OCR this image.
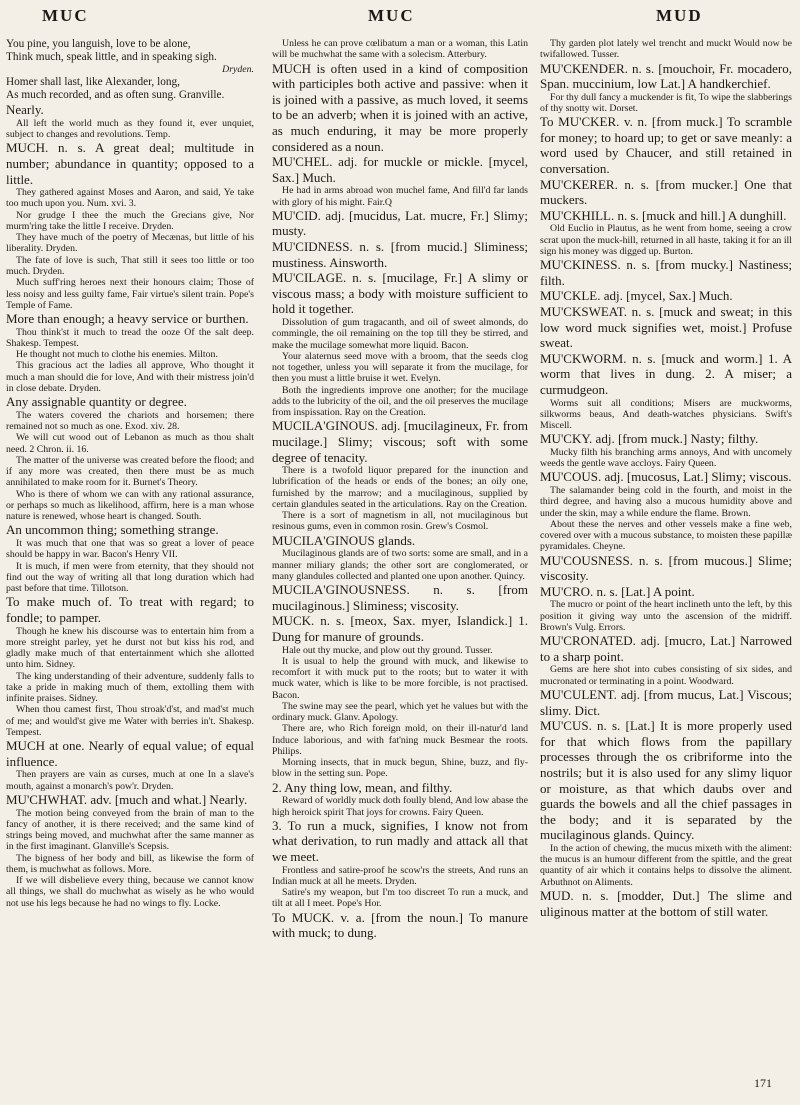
MUC	MUC	MUD

You pine, you languish, love to be alone,

Think much, speak little, and in speaking sigh.

Dryden.

Homer shall last, like Alexander, long,

As much recorded, and as often sung. Granville.

Nearly.

All left the world much as they found it, ever unquiet, subject to changes and revolutions. Temp.

MUCH. n. s. A great deal; multitude in number; abundance in quantity; opposed to a little.

They gathered against Moses and Aaron, and said, Ye take too much upon you. Num. xvi. 3.

Nor grudge I thee the much the Grecians give, Nor murm'ring take the little I receive. Dryden.

They have much of the poetry of Mecænas, but little of his liberality. Dryden.

The fate of love is such, That still it sees too little or too much. Dryden.

Much suff'ring heroes next their honours claim; Those of less noisy and less guilty fame, Fair virtue's silent train. Pope's Temple of Fame.

More than enough; a heavy service or burthen.

Thou think'st it much to tread the ooze Of the salt deep. Shakesp. Tempest.

He thought not much to clothe his enemies. Milton.

This gracious act the ladies all approve, Who thought it much a man should die for love, And with their mistress join'd in close debate. Dryden.

Any assignable quantity or degree.

The waters covered the chariots and horsemen; there remained not so much as one. Exod. xiv. 28.

We will cut wood out of Lebanon as much as thou shalt need. 2 Chron. ii. 16.

The matter of the universe was created before the flood; and if any more was created, then there must be as much annihilated to make room for it. Burnet's Theory.

Who is there of whom we can with any rational assurance, or perhaps so much as likelihood, affirm, here is a man whose nature is renewed, whose heart is changed. South.

An uncommon thing; something strange.

It was much that one that was so great a lover of peace should be happy in war. Bacon's Henry VII.

It is much, if men were from eternity, that they should not find out the way of writing all that long duration which had past before that time. Tillotson.

To make much of. To treat with regard; to fondle; to pamper.

Though he knew his discourse was to entertain him from a more streight parley, yet he durst not but kiss his rod, and gladly make much of that entertainment which she allotted unto him. Sidney.

The king understanding of their adventure, suddenly falls to take a pride in making much of them, extolling them with infinite praises. Sidney.

When thou camest first, Thou stroak'd'st, and mad'st much of me; and would'st give me Water with berries in't. Shakesp. Tempest.

MUCH at one. Nearly of equal value; of equal influence.

Then prayers are vain as curses, much at one In a slave's mouth, against a monarch's pow'r. Dryden.

MU'CHWHAT. adv. [much and what.] Nearly.

The motion being conveyed from the brain of man to the fancy of another, it is there received; and the same kind of strings being moved, and muchwhat after the same manner as in the first imaginant. Glanville's Scepsis.

The bigness of her body and bill, as likewise the form of them, is muchwhat as follows. More.

If we will disbelieve every thing, because we cannot know all things, we shall do muchwhat as wisely as he who would not use his legs because he had no wings to fly. Locke.

Unless he can prove cœlibatum a man or a woman, this Latin will be muchwhat the same with a solecism. Atterbury.

MUCH is often used in a kind of composition with participles both active and passive: when it is joined with a passive, as much loved, it seems to be an adverb; when it is joined with an active, as much enduring, it may be more properly considered as a noun.

MU'CHEL. adj. for muckle or mickle. [mycel, Sax.] Much.

He had in arms abroad won muchel fame, And fill'd far lands with glory of his might. Fair.Q

MU'CID. adj. [mucidus, Lat. mucre, Fr.] Slimy; musty.

MU'CIDNESS. n. s. [from mucid.] Sliminess; mustiness. Ainsworth.

MU'CILAGE. n. s. [mucilage, Fr.] A slimy or viscous mass; a body with moisture sufficient to hold it together.

Dissolution of gum tragacanth, and oil of sweet almonds, do commingle, the oil remaining on the top till they be stirred, and make the mucilage somewhat more liquid. Bacon.

Your alaternus seed move with a broom, that the seeds clog not together, unless you will separate it from the mucilage, for then you must a little bruise it wet. Evelyn.

Both the ingredients improve one another; for the mucilage adds to the lubricity of the oil, and the oil preserves the mucilage from inspissation. Ray on the Creation.

MUCILA'GINOUS. adj. [mucilagineux, Fr. from mucilage.] Slimy; viscous; soft with some degree of tenacity.

There is a twofold liquor prepared for the inunction and lubrification of the heads or ends of the bones; an oily one, furnished by the marrow; and a mucilaginous, supplied by certain glandules seated in the articulations. Ray on the Creation.

There is a sort of magnetism in all, not mucilaginous but resinous gums, even in common rosin. Grew's Cosmol.

MUCILA'GINOUS glands.

Mucilaginous glands are of two sorts: some are small, and in a manner miliary glands; the other sort are conglomerated, or many glandules collected and planted one upon another. Quincy.

MUCILA'GINOUSNESS. n. s. [from mucilaginous.] Sliminess; viscosity.

MUCK. n. s. [meox, Sax. myer, Islandick.] 1. Dung for manure of grounds.

Hale out thy mucke, and plow out thy ground. Tusser.

It is usual to help the ground with muck, and likewise to recomfort it with muck put to the roots; but to water it with muck water, which is like to be more forcible, is not practised. Bacon.

The swine may see the pearl, which yet he values but with the ordinary muck. Glanv. Apology.

There are, who Rich foreign mold, on their ill-natur'd land Induce laborious, and with fat'ning muck Besmear the roots. Philips.

Morning insects, that in muck begun, Shine, buzz, and fly-blow in the setting sun. Pope.

2. Any thing low, mean, and filthy.

Reward of worldly muck doth foully blend, And low abase the high heroick spirit That joys for crowns. Fairy Queen.

3. To run a muck, signifies, I know not from what derivation, to run madly and attack all that we meet.

Frontless and satire-proof he scow'rs the streets, And runs an Indian muck at all he meets. Dryden.

Satire's my weapon, but I'm too discreet To run a muck, and tilt at all I meet. Pope's Hor.

To MUCK. v. a. [from the noun.] To manure with muck; to dung.

Thy garden plot lately wel trencht and muckt Would now be twifallowed. Tusser.

MU'CKENDER. n. s. [mouchoir, Fr. mocadero, Span. muccinium, low Lat.] A handkerchief.

For thy dull fancy a muckender is fit, To wipe the slabberings of thy snotty wit. Dorset.

To MU'CKER. v. n. [from muck.] To scramble for money; to hoard up; to get or save meanly: a word used by Chaucer, and still retained in conversation.

MU'CKERER. n. s. [from mucker.] One that muckers.

MU'CKHILL. n. s. [muck and hill.] A dunghill.

Old Euclio in Plautus, as he went from home, seeing a crow scrat upon the muck-hill, returned in all haste, taking it for an ill sign his money was digged up. Burton.

MU'CKINESS. n. s. [from mucky.] Nastiness; filth.

MU'CKLE. adj. [mycel, Sax.] Much.

MU'CKSWEAT. n. s. [muck and sweat; in this low word muck signifies wet, moist.] Profuse sweat.

MU'CKWORM. n. s. [muck and worm.] 1. A worm that lives in dung. 2. A miser; a curmudgeon.

Worms suit all conditions; Misers are muckworms, silkworms beaus, And death-watches physicians. Swift's Miscell.

MU'CKY. adj. [from muck.] Nasty; filthy.

Mucky filth his branching arms annoys, And with uncomely weeds the gentle wave accloys. Fairy Queen.

MU'COUS. adj. [mucosus, Lat.] Slimy; viscous.

The salamander being cold in the fourth, and moist in the third degree, and having also a mucous humidity above and under the skin, may a while endure the flame. Brown.

About these the nerves and other vessels make a fine web, covered over with a mucous substance, to moisten these papillæ pyramidales. Cheyne.

MU'COUSNESS. n. s. [from mucous.] Slime; viscosity.

MU'CRO. n. s. [Lat.] A point.

The mucro or point of the heart inclineth unto the left, by this position it giving way unto the ascension of the midriff. Brown's Vulg. Errors.

MU'CRONATED. adj. [mucro, Lat.] Narrowed to a sharp point.

Gems are here shot into cubes consisting of six sides, and mucronated or terminating in a point. Woodward.

MU'CULENT. adj. [from mucus, Lat.] Viscous; slimy. Dict.

MU'CUS. n. s. [Lat.] It is more properly used for that which flows from the papillary processes through the os cribriforme into the nostrils; but it is also used for any slimy liquor or moisture, as that which daubs over and guards the bowels and all the chief passages in the body; and it is separated by the mucilaginous glands. Quincy.

In the action of chewing, the mucus mixeth with the aliment: the mucus is an humour different from the spittle, and the great quantity of air which it contains helps to dissolve the aliment. Arbuthnot on Aliments.

MUD. n. s. [modder, Dut.] The slime and uliginous matter at the bottom of still water.

171
